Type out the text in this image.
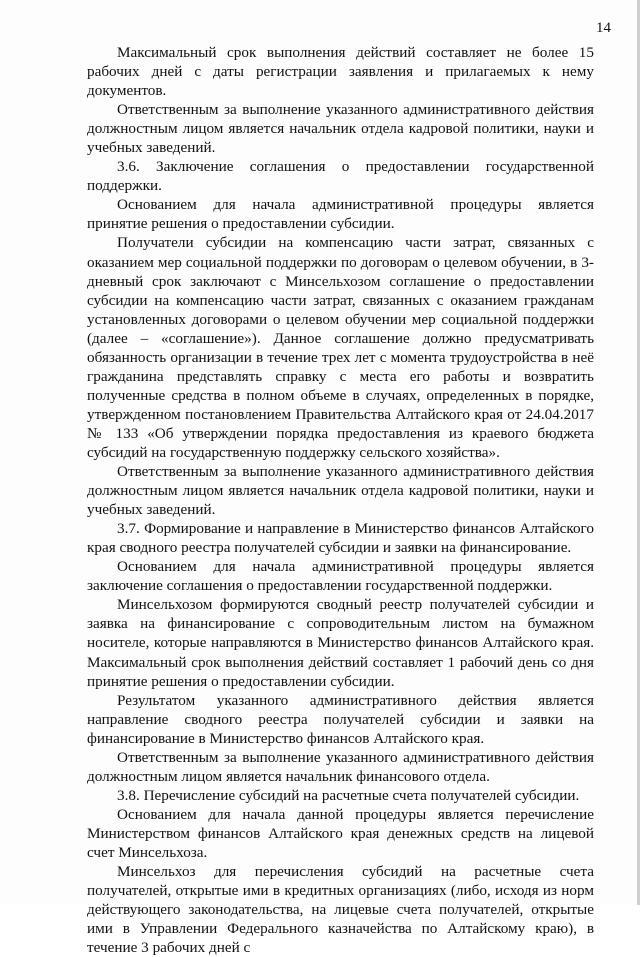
14

Максимальный срок выполнения действий составляет не более 15 рабочих дней с даты регистрации заявления и прилагаемых к нему документов.

Ответственным за выполнение указанного административного действия должностным лицом является начальник отдела кадровой политики, науки и учебных заведений.

3.6. Заключение соглашения о предоставлении государственной поддержки.

Основанием для начала административной процедуры является принятие решения о предоставлении субсидии.

Получатели субсидии на компенсацию части затрат, связанных с оказанием мер социальной поддержки по договорам о целевом обучении, в 3-дневный срок заключают с Минсельхозом соглашение о предоставлении субсидии на компенсацию части затрат, связанных с оказанием гражданам установленных договорами о целевом обучении мер социальной поддержки (далее – «соглашение»). Данное соглашение должно предусматривать обязанность организации в течение трех лет с момента трудоустройства в неё гражданина представлять справку с места его работы и возвратить полученные средства в полном объеме в случаях, определенных в порядке, утвержденном постановлением Правительства Алтайского края от 24.04.2017 № 133 «Об утверждении порядка предоставления из краевого бюджета субсидий на государственную поддержку сельского хозяйства».

Ответственным за выполнение указанного административного действия должностным лицом является начальник отдела кадровой политики, науки и учебных заведений.

3.7. Формирование и направление в Министерство финансов Алтайского края сводного реестра получателей субсидии и заявки на финансирование.

Основанием для начала административной процедуры является заключение соглашения о предоставлении государственной поддержки.

Минсельхозом формируются сводный реестр получателей субсидии и заявка на финансирование с сопроводительным листом на бумажном носителе, которые направляются в Министерство финансов Алтайского края. Максимальный срок выполнения действий составляет 1 рабочий день со дня принятие решения о предоставлении субсидии.

Результатом указанного административного действия является направление сводного реестра получателей субсидии и заявки на финансирование в Министерство финансов Алтайского края.

Ответственным за выполнение указанного административного действия должностным лицом является начальник финансового отдела.

3.8. Перечисление субсидий на расчетные счета получателей субсидии.

Основанием для начала данной процедуры является перечисление Министерством финансов Алтайского края денежных средств на лицевой счет Минсельхоза.

Минсельхоз для перечисления субсидий на расчетные счета получателей, открытые ими в кредитных организациях (либо, исходя из норм действующего законодательства, на лицевые счета получателей, открытые ими в Управлении Федерального казначейства по Алтайскому краю), в течение 3 рабочих дней с
